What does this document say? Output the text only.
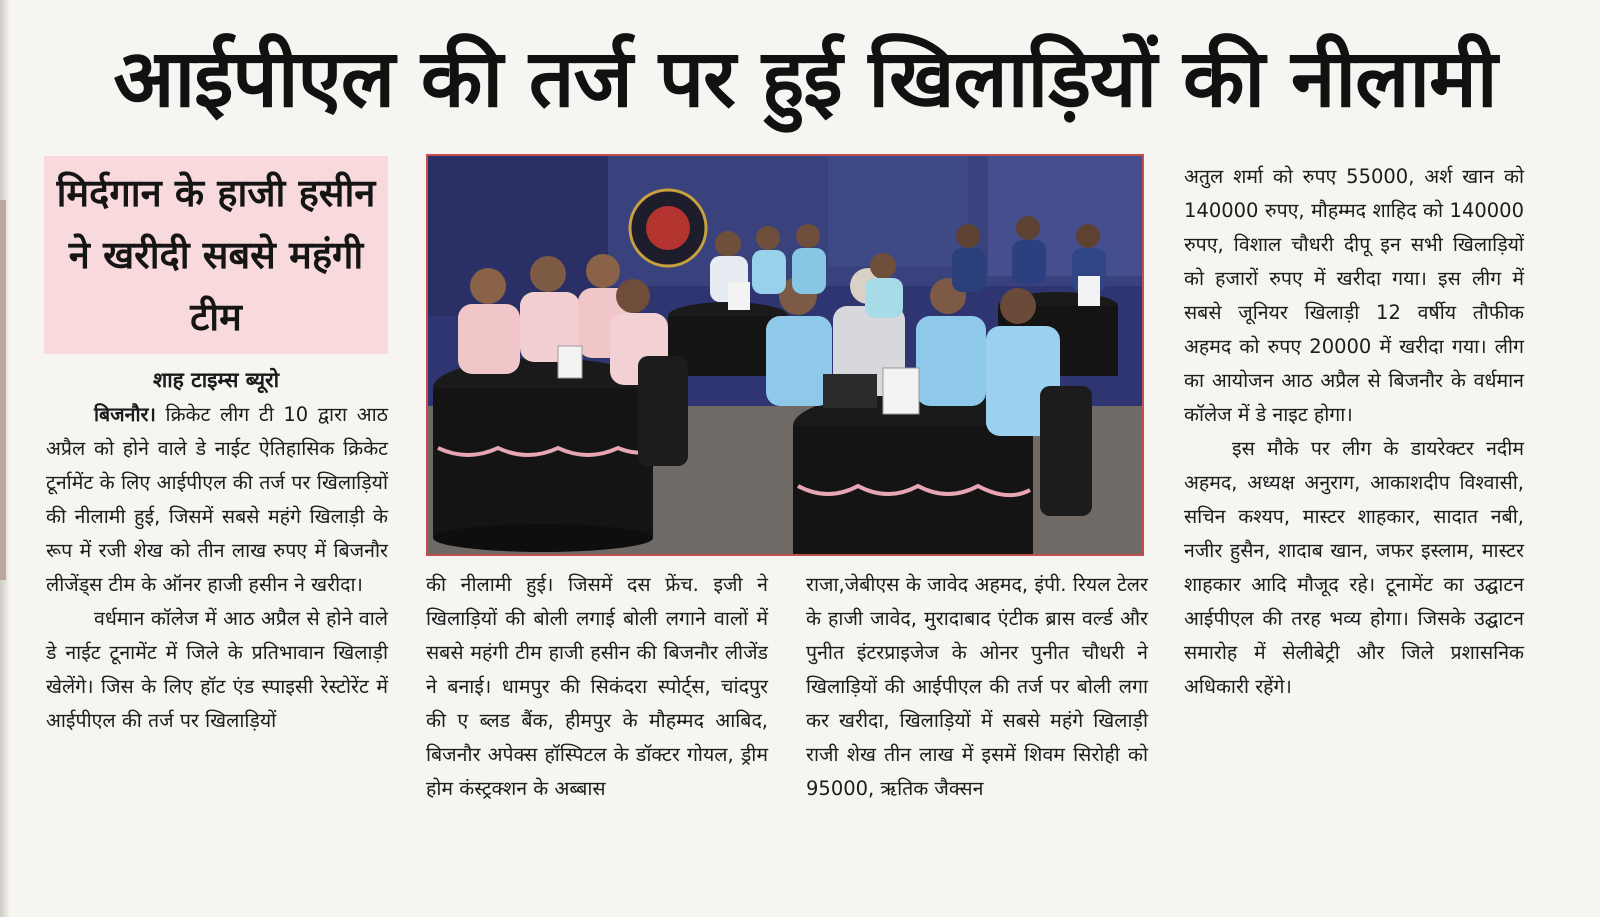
आईपीएल की तर्ज पर हुई खिलाड़ियों की नीलामी
मिर्दगान के हाजी हसीन ने खरीदी सबसे महंगी टीम

शाह टाइम्स ब्यूरो

बिजनौर। क्रिकेट लीग टी 10 द्वारा आठ अप्रैल को होने वाले डे नाईट ऐतिहासिक क्रिकेट टूर्नामेंट के लिए आईपीएल की तर्ज पर खिलाड़ियों की नीलामी हुई, जिसमें सबसे महंगे खिलाड़ी के रूप में रजी शेख को तीन लाख रुपए में बिजनौर लीजेंड्स टीम के ऑनर हाजी हसीन ने खरीदा।

वर्धमान कॉलेज में आठ अप्रैल से होने वाले डे नाईट टूनामेंट में जिले के प्रतिभावान खिलाड़ी खेलेंगे। जिस के लिए हॉट एंड स्पाइसी रेस्टोरेंट में आईपीएल की तर्ज पर खिलाड़ियों

की नीलामी हुई। जिसमें दस फ्रेंच. इजी ने खिलाड़ियों की बोली लगाई बोली लगाने वालों में सबसे महंगी टीम हाजी हसीन की बिजनौर लीजेंड ने बनाई। धामपुर की सिकंदरा स्पोर्ट्स, चांदपुर की ए ब्लड बैंक, हीमपुर के मौहम्मद आबिद, बिजनौर अपेक्स हॉस्पिटल के डॉक्टर गोयल, ड्रीम होम कंस्ट्रक्शन के अब्बास

राजा,जेबीएस के जावेद अहमद, इंपी. रियल टेलर के हाजी जावेद, मुरादाबाद एंटीक ब्रास वर्ल्ड और पुनीत इंटरप्राइजेज के ओनर पुनीत चौधरी ने खिलाड़ियों की आईपीएल की तर्ज पर बोली लगा कर खरीदा, खिलाड़ियों में सबसे महंगे खिलाड़ी राजी शेख तीन लाख में इसमें शिवम सिरोही को 95000, ऋतिक जैक्सन

अतुल शर्मा को रुपए 55000, अर्श खान को 140000 रुपए, मौहम्मद शाहिद को 140000 रुपए, विशाल चौधरी दीपू इन सभी खिलाड़ियों को हजारों रुपए में खरीदा गया। इस लीग में सबसे जूनियर खिलाड़ी 12 वर्षीय तौफीक अहमद को रुपए 20000 में खरीदा गया। लीग का आयोजन आठ अप्रैल से बिजनौर के वर्धमान कॉलेज में डे नाइट होगा।

इस मौके पर लीग के डायरेक्टर नदीम अहमद, अध्यक्ष अनुराग, आकाशदीप विश्वासी, सचिन कश्यप, मास्टर शाहकार, सादात नबी, नजीर हुसैन, शादाब खान, जफर इस्लाम, मास्टर शाहकार आदि मौजूद रहे। टूनामेंट का उद्घाटन आईपीएल की तरह भव्य होगा। जिसके उद्घाटन समारोह में सेलीबेट्री और जिले प्रशासनिक अधिकारी रहेंगे।
